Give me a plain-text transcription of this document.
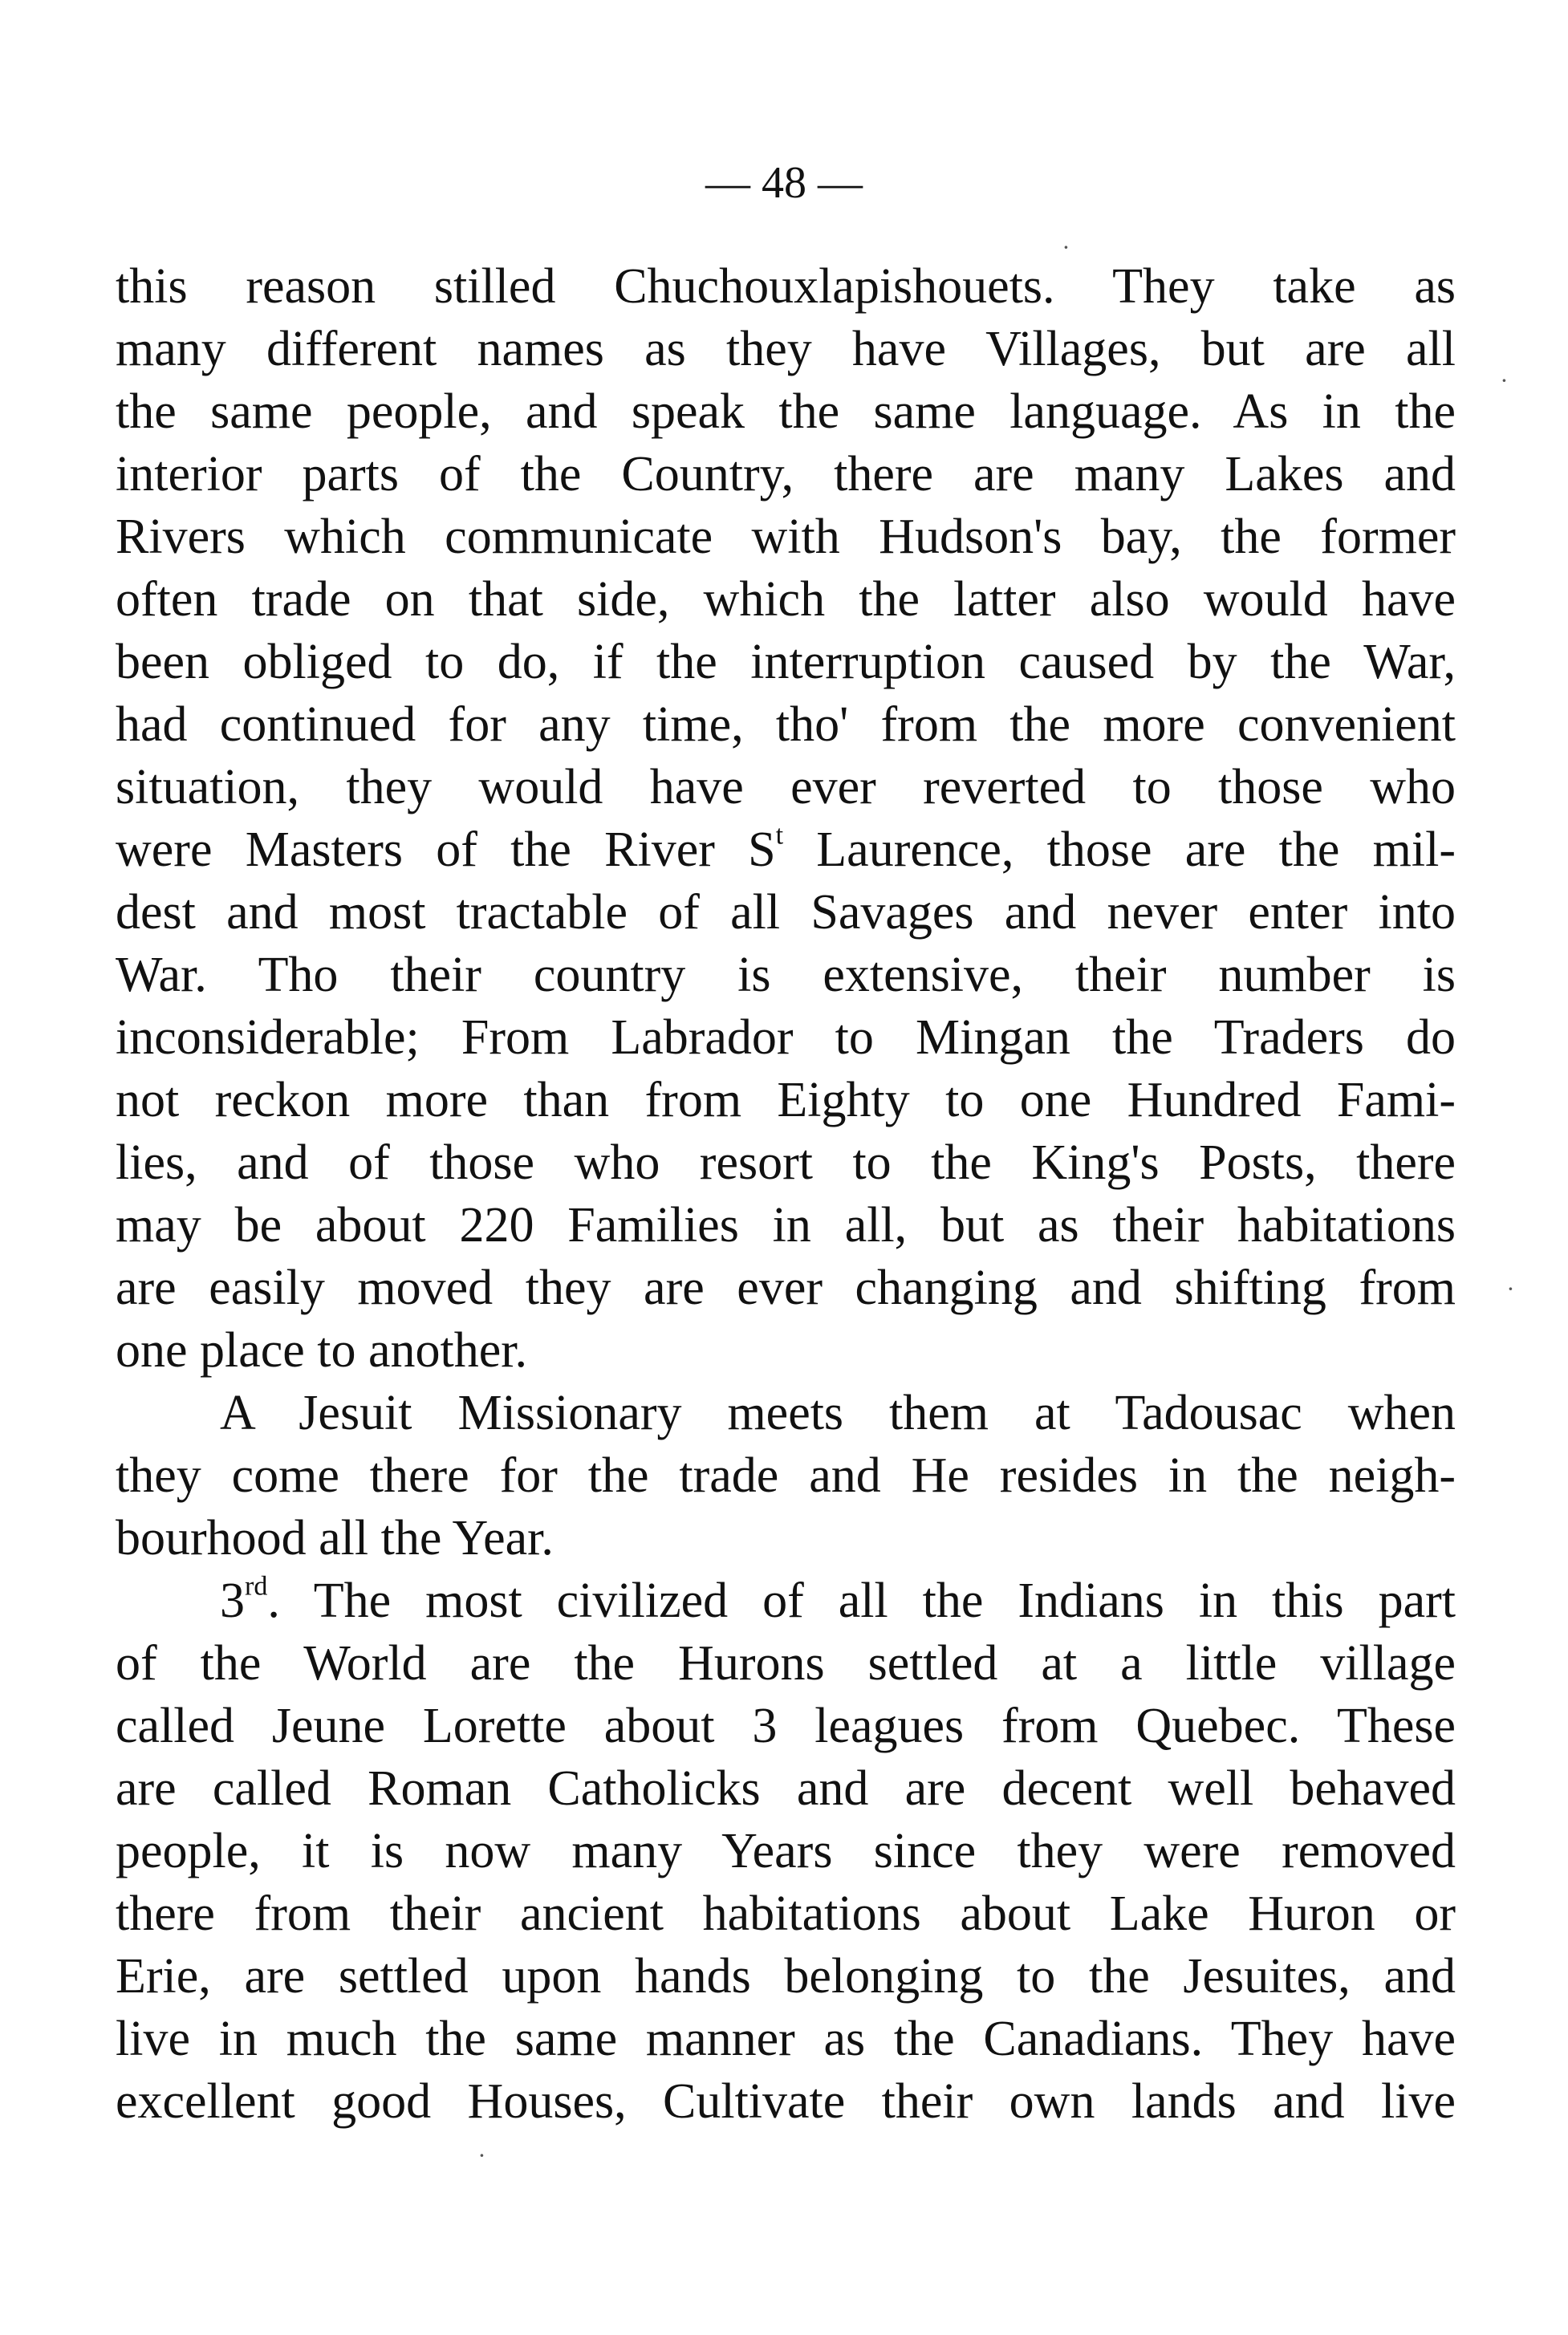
— 48 —
this reason stilled Chuchouxlapishouets. They take as
many different names as they have Villages, but are all
the same people, and speak the same language. As in the
interior parts of the Country, there are many Lakes and
Rivers which communicate with Hudson's bay, the former
often trade on that side, which the latter also would have
been obliged to do, if the interruption caused by the War,
had continued for any time, tho' from the more convenient
situation, they would have ever reverted to those who
were Masters of the River $S^t$ Laurence, those are the mil-
dest and most tractable of all Savages and never enter into
War. Tho their country is extensive, their number is
inconsiderable; From Labrador to Mingan the Traders do
not reckon more than from Eighty to one Hundred Fami-
lies, and of those who resort to the King's Posts, there
may be about 220 Families in all, but as their habitations
are easily moved they are ever changing and shifting from
one place to another.
A Jesuit Missionary meets them at Tadousac when
they come there for the trade and He resides in the neigh-
bourhood all the Year.
3rd. The most civilized of all the Indians in this part
of the World are the Hurons settled at a little village
called Jeune Lorette about 3 leagues from Quebec. These
are called Roman Catholicks and are decent well behaved
people, it is now many Years since they were removed
there from their ancient habitations about Lake Huron or
Erie, are settled upon hands belonging to the Jesuites, and
live in much the same manner as the Canadians. They have
excellent good Houses, Cultivate their own lands and live
·
·
·
·
